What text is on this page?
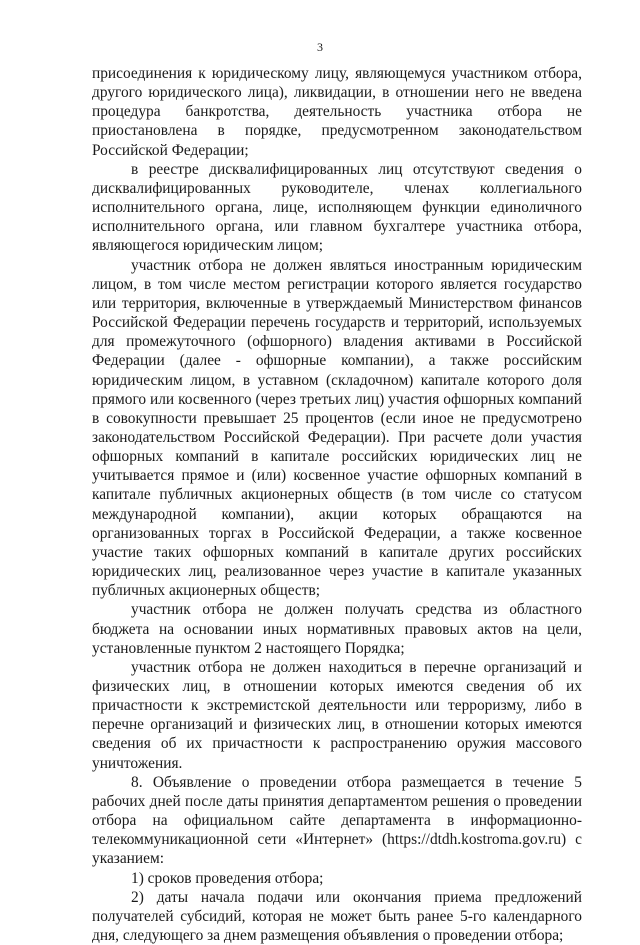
3

присоединения к юридическому лицу, являющемуся участником отбора, другого юридического лица), ликвидации, в отношении него не введена процедура банкротства, деятельность участника отбора не приостановлена в порядке, предусмотренном законодательством Российской Федерации;

в реестре дисквалифицированных лиц отсутствуют сведения о дисквалифицированных руководителе, членах коллегиального исполнительного органа, лице, исполняющем функции единоличного исполнительного органа, или главном бухгалтере участника отбора, являющегося юридическим лицом;

участник отбора не должен являться иностранным юридическим лицом, в том числе местом регистрации которого является государство или территория, включенные в утверждаемый Министерством финансов Российской Федерации перечень государств и территорий, используемых для промежуточного (офшорного) владения активами в Российской Федерации (далее - офшорные компании), а также российским юридическим лицом, в уставном (складочном) капитале которого доля прямого или косвенного (через третьих лиц) участия офшорных компаний в совокупности превышает 25 процентов (если иное не предусмотрено законодательством Российской Федерации). При расчете доли участия офшорных компаний в капитале российских юридических лиц не учитывается прямое и (или) косвенное участие офшорных компаний в капитале публичных акционерных обществ (в том числе со статусом международной компании), акции которых обращаются на организованных торгах в Российской Федерации, а также косвенное участие таких офшорных компаний в капитале других российских юридических лиц, реализованное через участие в капитале указанных публичных акционерных обществ;

участник отбора не должен получать средства из областного бюджета на основании иных нормативных правовых актов на цели, установленные пунктом 2 настоящего Порядка;

участник отбора не должен находиться в перечне организаций и физических лиц, в отношении которых имеются сведения об их причастности к экстремистской деятельности или терроризму, либо в перечне организаций и физических лиц, в отношении которых имеются сведения об их причастности к распространению оружия массового уничтожения.

8. Объявление о проведении отбора размещается в течение 5 рабочих дней после даты принятия департаментом решения о проведении отбора на официальном сайте департамента в информационно-телекоммуникационной сети «Интернет» (https://dtdh.kostroma.gov.ru) с указанием:

1) сроков проведения отбора;

2) даты начала подачи или окончания приема предложений получателей субсидий, которая не может быть ранее 5-го календарного дня, следующего за днем размещения объявления о проведении отбора;
